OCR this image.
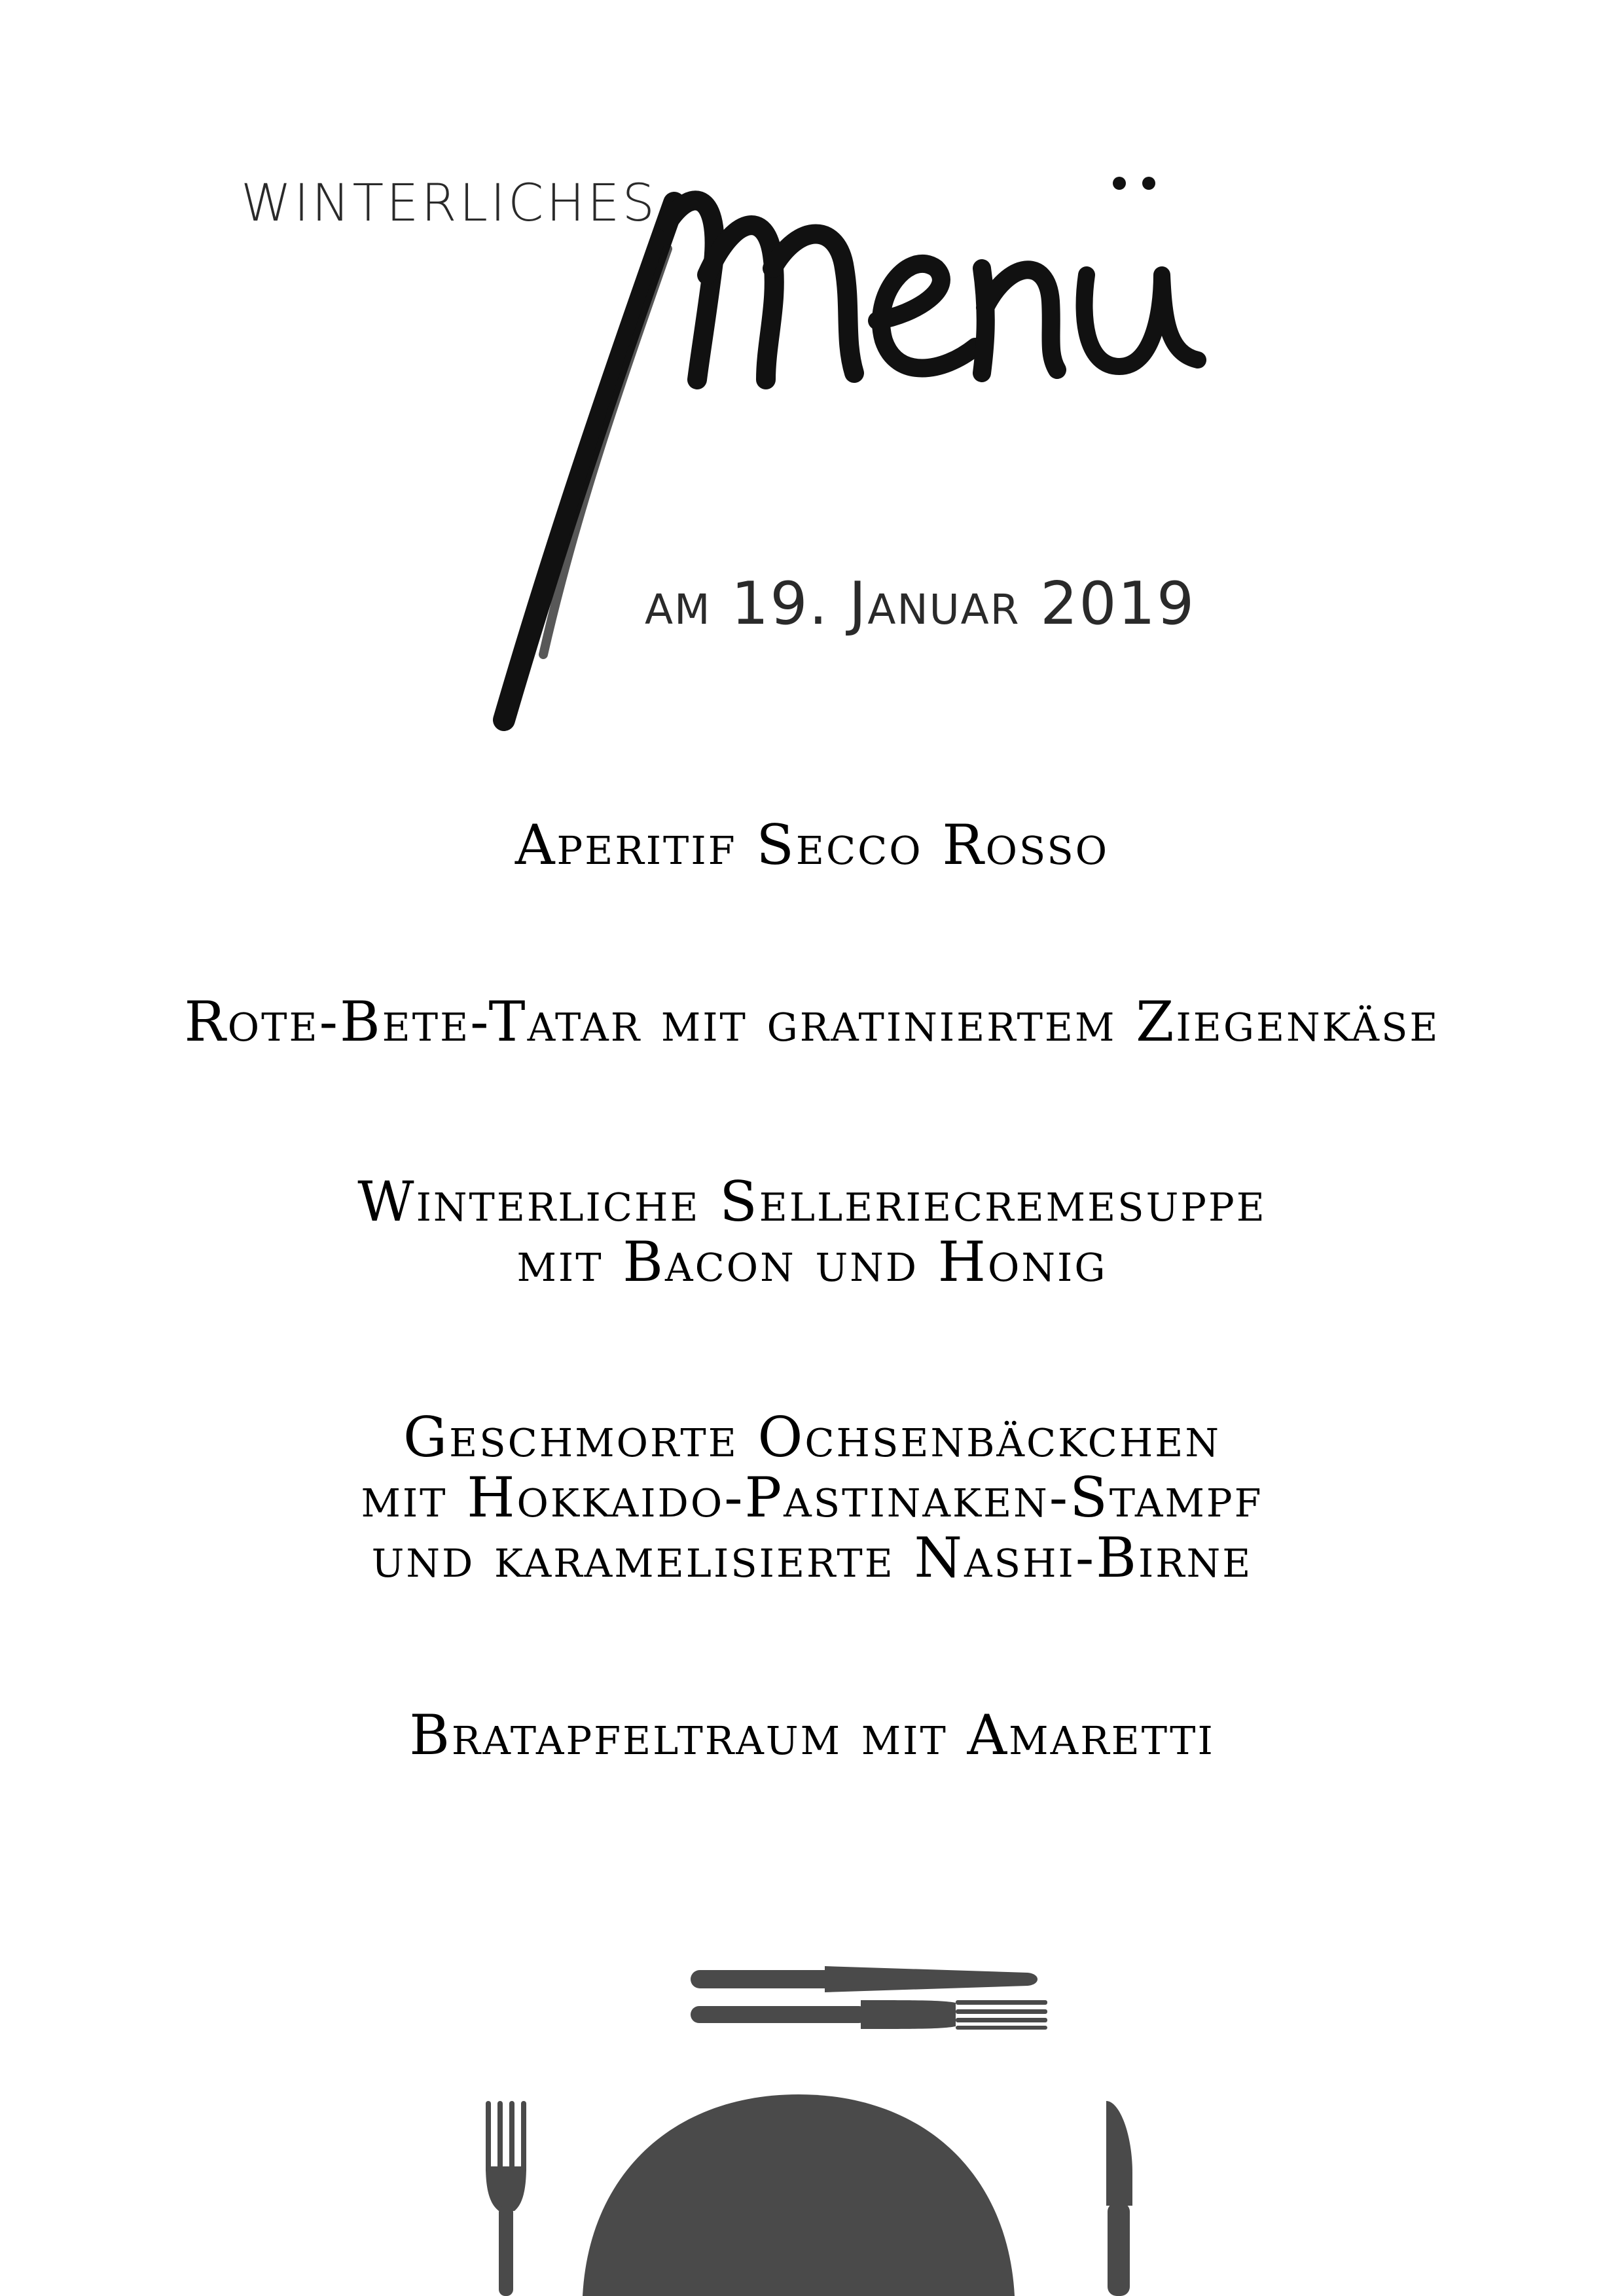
WINTERLICHES
menü
am 19. Januar 2019
Aperitif Secco Rosso
Rote-Bete-Tatar mit gratiniertem Ziegenkäse
Winterliche Selleriecremesuppe
mit Bacon und Honig
Geschmorte Ochsenbäckchen
mit Hokkaido-Pastinaken-Stampf
und karamelisierte Nashi-Birne
Bratapfeltraum mit Amaretti
